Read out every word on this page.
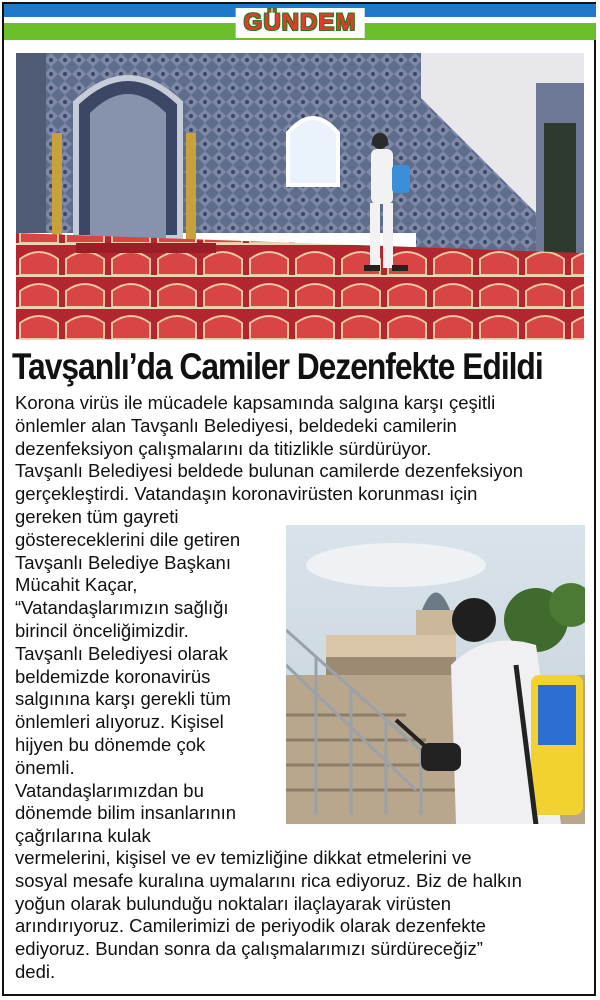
GÜNDEM
Tavşanlı’da Camiler Dezenfekte Edildi
Korona virüs ile mücadele kapsamında salgına karşı çeşitli
önlemler alan Tavşanlı Belediyesi, beldedeki camilerin
dezenfeksiyon çalışmalarını da titizlikle sürdürüyor.
Tavşanlı Belediyesi beldede bulunan camilerde dezenfeksiyon
gerçekleştirdi. Vatandaşın koronavirüsten korunması için
gereken tüm gayreti
göstereceklerini dile getiren
Tavşanlı Belediye Başkanı
Mücahit Kaçar,
“Vatandaşlarımızın sağlığı
birincil önceliğimizdir.
Tavşanlı Belediyesi olarak
beldemizde koronavirüs
salgınına karşı gerekli tüm
önlemleri alıyoruz. Kişisel
hijyen bu dönemde çok
önemli.
Vatandaşlarımızdan bu
dönemde bilim insanlarının
çağrılarına kulak
vermelerini, kişisel ve ev temizliğine dikkat etmelerini ve
sosyal mesafe kuralına uymalarını rica ediyoruz. Biz de halkın
yoğun olarak bulunduğu noktaları ilaçlayarak virüsten
arındırıyoruz. Camilerimizi de periyodik olarak dezenfekte
ediyoruz. Bundan sonra da çalışmalarımızı sürdüreceğiz”
dedi.
